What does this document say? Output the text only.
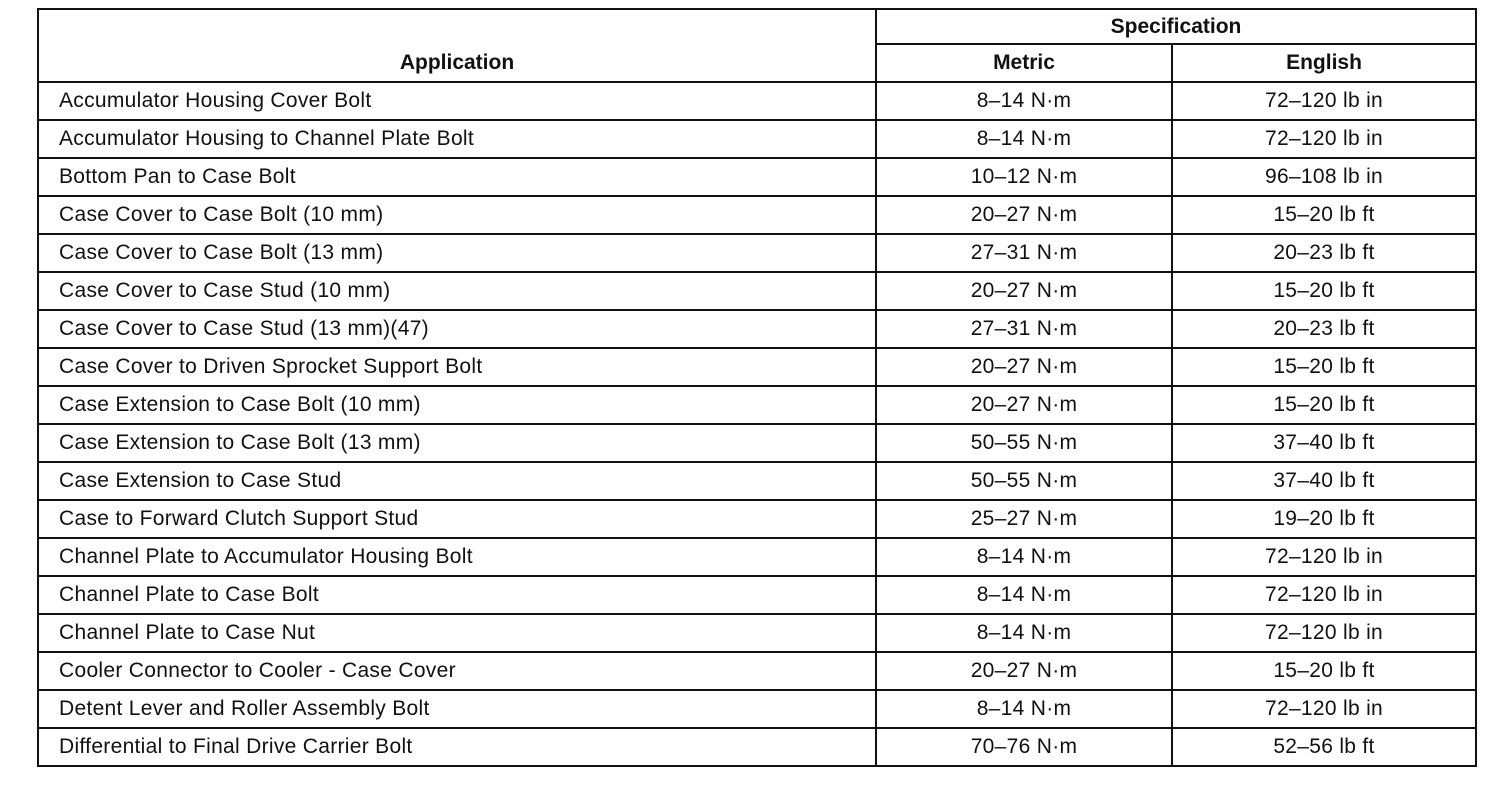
Application	Specification	
	Metric	English
Accumulator Housing Cover Bolt	8–14 N·m	72–120 lb in
Accumulator Housing to Channel Plate Bolt	8–14 N·m	72–120 lb in
Bottom Pan to Case Bolt	10–12 N·m	96–108 lb in
Case Cover to Case Bolt (10 mm)	20–27 N·m	15–20 lb ft
Case Cover to Case Bolt (13 mm)	27–31 N·m	20–23 lb ft
Case Cover to Case Stud (10 mm)	20–27 N·m	15–20 lb ft
Case Cover to Case Stud (13 mm)(47)	27–31 N·m	20–23 lb ft
Case Cover to Driven Sprocket Support Bolt	20–27 N·m	15–20 lb ft
Case Extension to Case Bolt (10 mm)	20–27 N·m	15–20 lb ft
Case Extension to Case Bolt (13 mm)	50–55 N·m	37–40 lb ft
Case Extension to Case Stud	50–55 N·m	37–40 lb ft
Case to Forward Clutch Support Stud	25–27 N·m	19–20 lb ft
Channel Plate to Accumulator Housing Bolt	8–14 N·m	72–120 lb in
Channel Plate to Case Bolt	8–14 N·m	72–120 lb in
Channel Plate to Case Nut	8–14 N·m	72–120 lb in
Cooler Connector to Cooler - Case Cover	20–27 N·m	15–20 lb ft
Detent Lever and Roller Assembly Bolt	8–14 N·m	72–120 lb in
Differential to Final Drive Carrier Bolt	70–76 N·m	52–56 lb ft
